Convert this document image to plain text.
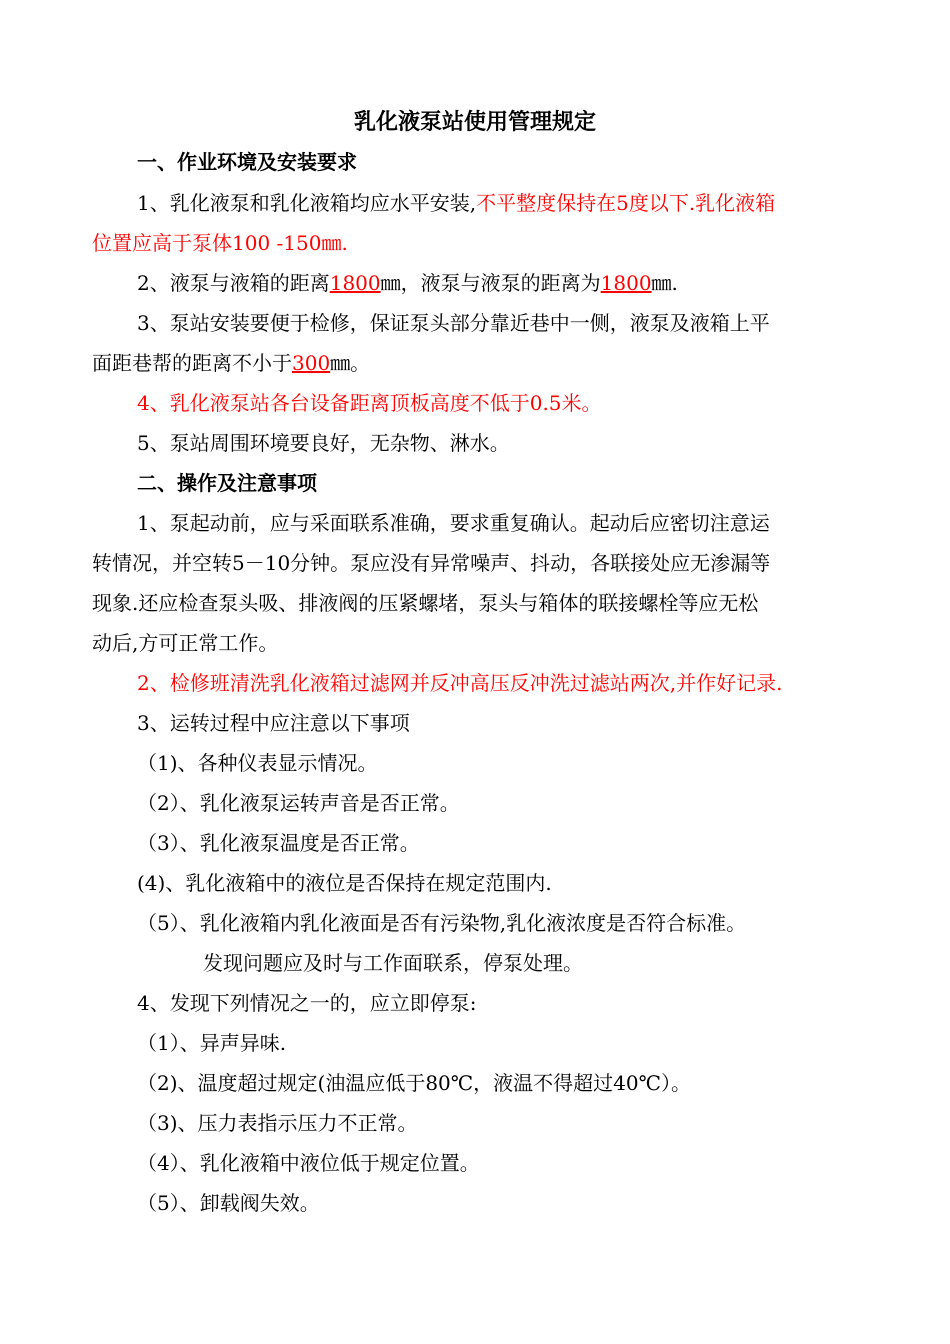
乳化液泵站使用管理规定
一、作业环境及安装要求
1、乳化液泵和乳化液箱均应水平安装,不平整度保持在5度以下.乳化液箱
位置应高于泵体100 -150㎜.
2、液泵与液箱的距离1800㎜，液泵与液泵的距离为1800㎜.
3、泵站安装要便于检修，保证泵头部分靠近巷中一侧，液泵及液箱上平
面距巷帮的距离不小于300㎜。
4、乳化液泵站各台设备距离顶板高度不低于0.5米。
5、泵站周围环境要良好，无杂物、淋水。
二、操作及注意事项
1、泵起动前，应与采面联系准确，要求重复确认。起动后应密切注意运
转情况，并空转5－10分钟。泵应没有异常噪声、抖动，各联接处应无渗漏等
现象.还应检查泵头吸、排液阀的压紧螺堵，泵头与箱体的联接螺栓等应无松
动后,方可正常工作。
2、检修班清洗乳化液箱过滤网并反冲高压反冲洗过滤站两次,并作好记录.
3、运转过程中应注意以下事项
（1)、各种仪表显示情况。
（2）、乳化液泵运转声音是否正常。
（3）、乳化液泵温度是否正常。
(4)、乳化液箱中的液位是否保持在规定范围内.
（5）、乳化液箱内乳化液面是否有污染物,乳化液浓度是否符合标准。
发现问题应及时与工作面联系，停泵处理。
4、发现下列情况之一的，应立即停泵:
（1）、异声异味.
（2)、温度超过规定(油温应低于80℃，液温不得超过40℃）。
（3)、压力表指示压力不正常。
（4）、乳化液箱中液位低于规定位置。
（5）、卸载阀失效。
